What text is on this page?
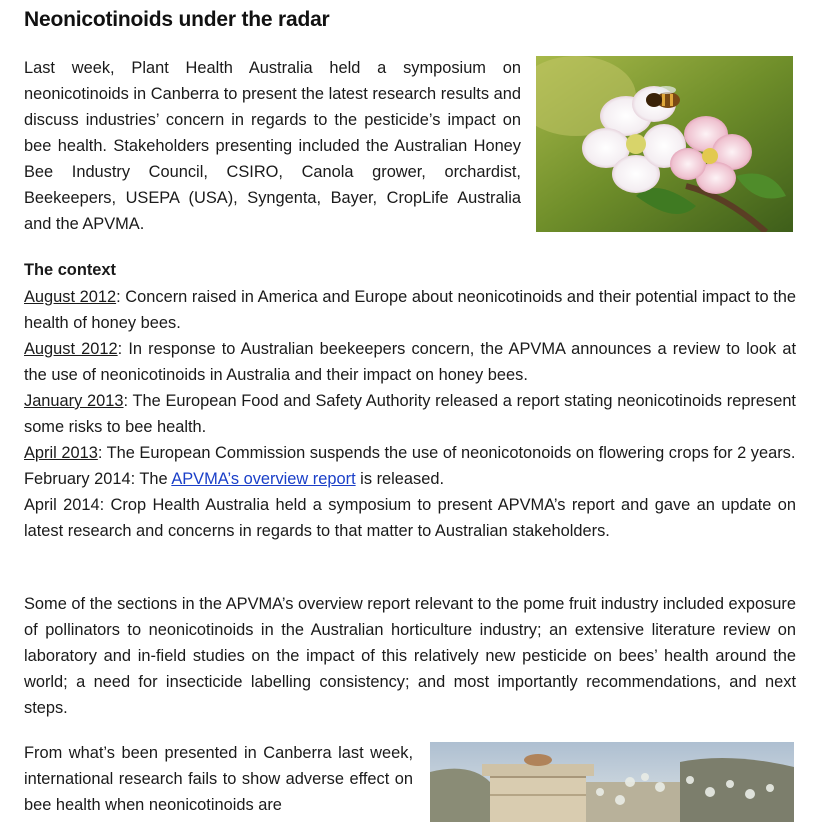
Neonicotinoids under the radar

Last week, Plant Health Australia held a symposium on neonicotinoids in Canberra to present the latest research results and discuss industries’ concern in regards to the pesticide’s impact on bee health. Stakeholders presenting included the Australian Honey Bee Industry Council, CSIRO, Canola grower, orchardist, Beekeepers, USEPA (USA), Syngenta, Bayer, CropLife Australia and the APVMA.

The context

August 2012: Concern raised in America and Europe about neonicotinoids and their potential impact to the health of honey bees.
August 2012: In response to Australian beekeepers concern, the APVMA announces a review to look at the use of neonicotinoids in Australia and their impact on honey bees.
January 2013: The European Food and Safety Authority released a report stating neonicotinoids represent some risks to bee health.
April 2013: The European Commission suspends the use of neonicotonoids on flowering crops for 2 years.
February 2014: The APVMA’s overview report is released.
April 2014: Crop Health Australia held a symposium to present APVMA’s report and gave an update on latest research and concerns in regards to that matter to Australian stakeholders.

Some of the sections in the APVMA’s overview report relevant to the pome fruit industry included exposure of pollinators to neonicotinoids in the Australian horticulture industry; an extensive literature review on laboratory and in-field studies on the impact of this relatively new pesticide on bees’ health around the world; a need for insecticide labelling consistency; and most importantly recommendations, and next steps.

From what’s been presented in Canberra last week, international research fails to show adverse effect on bee health when neonicotinoids are
